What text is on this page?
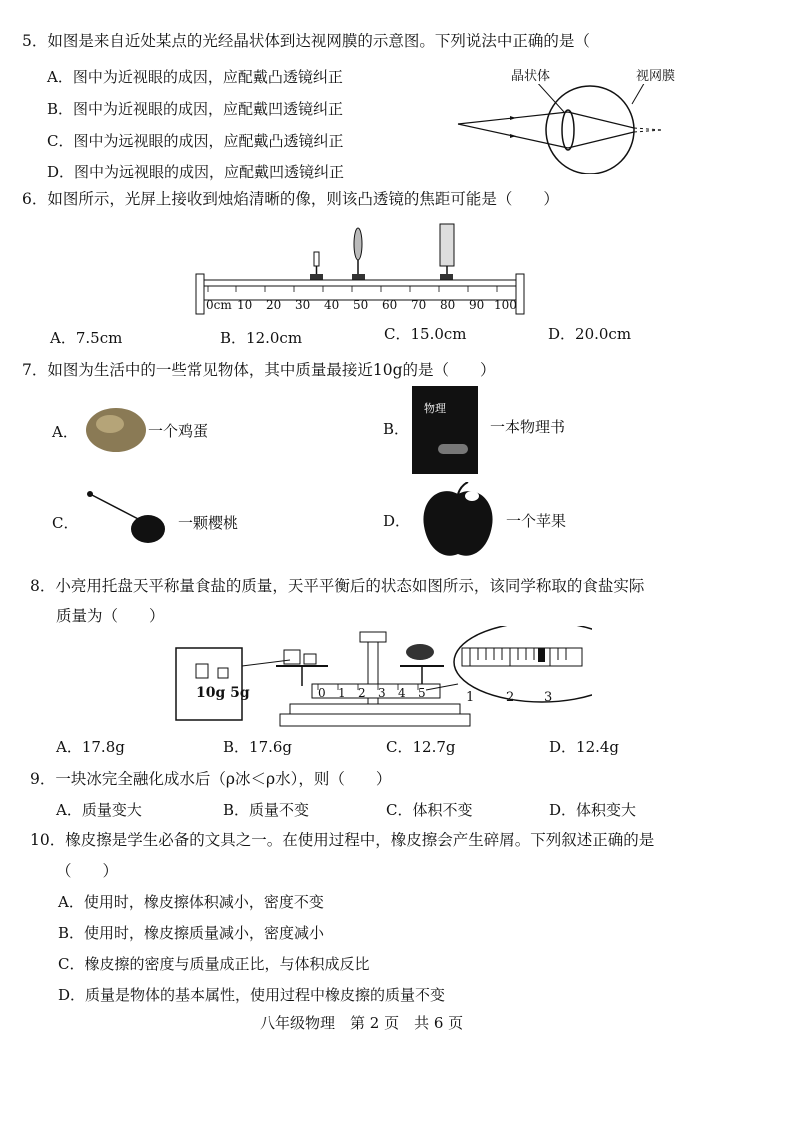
5．如图是来自近处某点的光经晶状体到达视网膜的示意图。下列说法中正确的是（
A．图中为近视眼的成因，应配戴凸透镜纠正
B．图中为近视眼的成因，应配戴凹透镜纠正
C．图中为远视眼的成因，应配戴凸透镜纠正
D．图中为远视眼的成因，应配戴凹透镜纠正
晶状体	视网膜
6．如图所示，光屏上接收到烛焰清晰的像，则该凸透镜的焦距可能是（　　）
0cm 10 20 30 40 50 60 70 80 90 100
A．7.5cm	B．12.0cm	C．15.0cm	D．20.0cm
7．如图为生活中的一些常见物体，其中质量最接近10g的是（　　）
A．	一个鸡蛋	B．
物理
一本物理书
C．	一颗樱桃	D．	一个苹果
8．小亮用托盘天平称量食盐的质量，天平平衡后的状态如图所示，该同学称取的食盐实际
质量为（　　）
10g 5g	0 1 2 3 4 5	1 2 3
A．17.8g	B．17.6g	C．12.7g	D．12.4g
9．一块冰完全融化成水后（ρ冰＜ρ水），则（　　）
A．质量变大	B．质量不变	C．体积不变	D．体积变大
10．橡皮擦是学生必备的文具之一。在使用过程中，橡皮擦会产生碎屑。下列叙述正确的是
（　　）
A．使用时，橡皮擦体积减小，密度不变
B．使用时，橡皮擦质量减小，密度减小
C．橡皮擦的密度与质量成正比，与体积成反比
D．质量是物体的基本属性，使用过程中橡皮擦的质量不变
八年级物理　第 2 页　共 6 页
